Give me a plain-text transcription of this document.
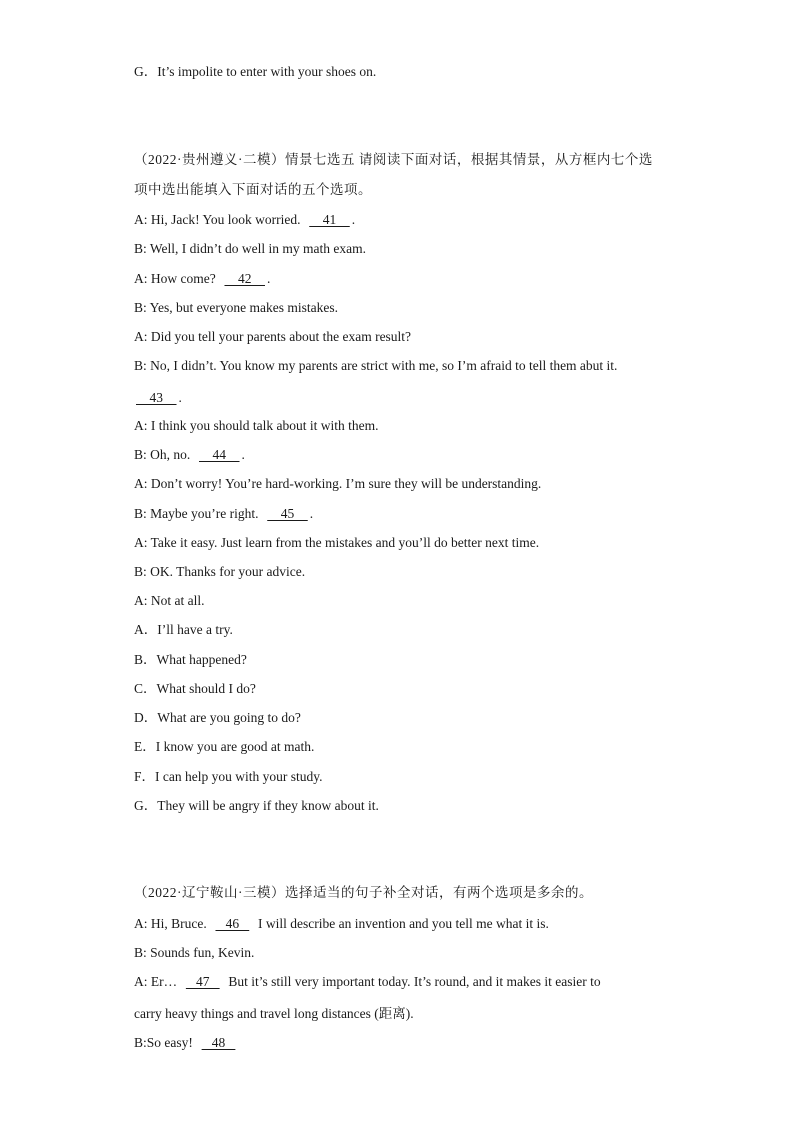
G．It’s impolite to enter with your shoes on.
（2022·贵州遵义·二模）情景七选五 请阅读下面对话，根据其情景，从方框内七个选
项中选出能填入下面对话的五个选项。
A: Hi, Jack! You look worried.      41    .
B: Well, I didn’t do well in my math exam.
A: How come?      42    .
B: Yes, but everyone makes mistakes.
A: Did you tell your parents about the exam result?
B: No, I didn’t. You know my parents are strict with me, so I’m afraid to tell them abut it.
43    .
A: I think you should talk about it with them.
B: Oh, no.      44    .
A: Don’t worry! You’re hard-working. I’m sure they will be understanding.
B: Maybe you’re right.      45    .
A: Take it easy. Just learn from the mistakes and you’ll do better next time.
B: OK. Thanks for your advice.
A: Not at all.
A．I’ll have a try.
B．What happened?
C．What should I do?
D．What are you going to do?
E．I know you are good at math.
F．I can help you with your study.
G．They will be angry if they know about it.
（2022·辽宁鞍山·三模）选择适当的句子补全对话，有两个选项是多余的。
A: Hi, Bruce.     46     I will describe an invention and you tell me what it is.
B: Sounds fun, Kevin.
A: Er…     47     But it’s still very important today. It’s round, and it makes it easier to
carry heavy things and travel long distances (距离).
B:So easy!     48
